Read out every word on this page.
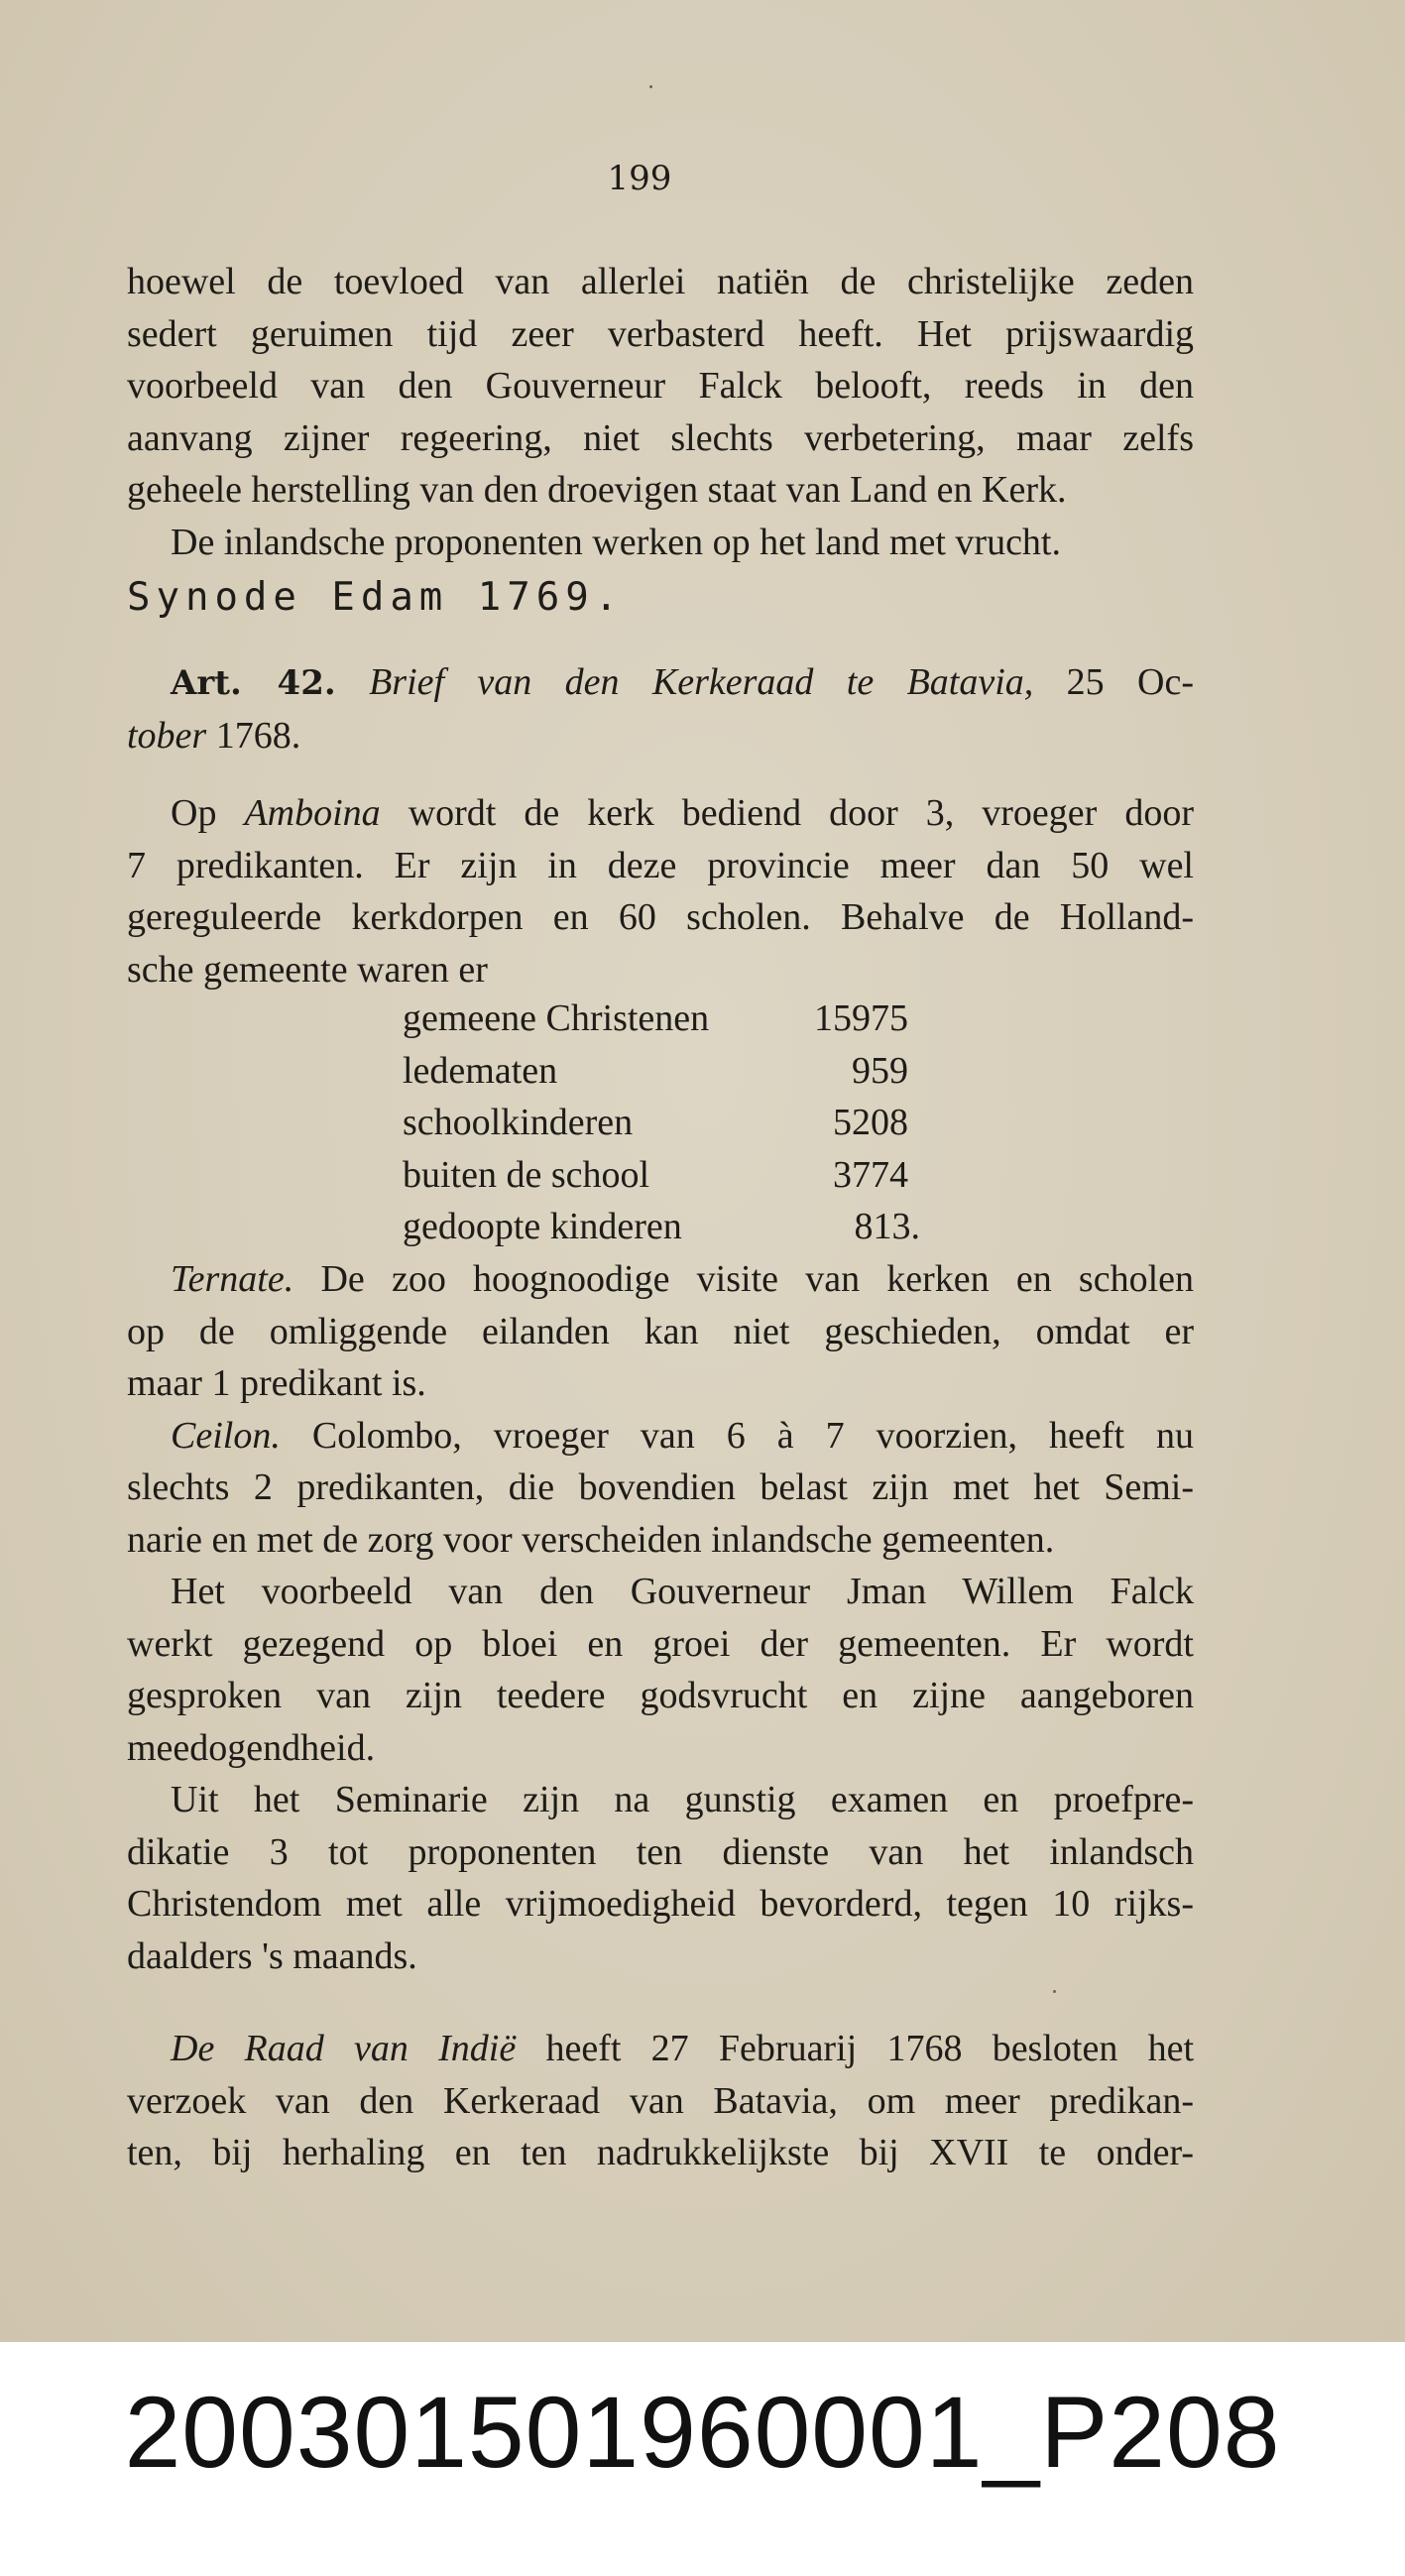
199
hoewel de toevloed van allerlei natiën de christelijke zeden
sedert geruimen tijd zeer verbasterd heeft. Het prijswaardig
voorbeeld van den Gouverneur Falck belooft, reeds in den
aanvang zijner regeering, niet slechts verbetering, maar zelfs
geheele herstelling van den droevigen staat van Land en Kerk.
De inlandsche proponenten werken op het land met vrucht.
Synode Edam 1769.
Art. 42. Brief van den Kerkeraad te Batavia, 25 Oc-
tober 1768.
Op Amboina wordt de kerk bediend door 3, vroeger door
7 predikanten. Er zijn in deze provincie meer dan 50 wel
gereguleerde kerkdorpen en 60 scholen. Behalve de Holland-
sche gemeente waren er
gemeene Christenen	15975
ledematen	959
schoolkinderen	5208
buiten de school	3774
gedoopte kinderen	813.
Ternate. De zoo hoognoodige visite van kerken en scholen
op de omliggende eilanden kan niet geschieden, omdat er
maar 1 predikant is.
Ceilon. Colombo, vroeger van 6 à 7 voorzien, heeft nu
slechts 2 predikanten, die bovendien belast zijn met het Semi-
narie en met de zorg voor verscheiden inlandsche gemeenten.
Het voorbeeld van den Gouverneur Jman Willem Falck
werkt gezegend op bloei en groei der gemeenten. Er wordt
gesproken van zijn teedere godsvrucht en zijne aangeboren
meedogendheid.
Uit het Seminarie zijn na gunstig examen en proefpre-
dikatie 3 tot proponenten ten dienste van het inlandsch
Christendom met alle vrijmoedigheid bevorderd, tegen 10 rijks-
daalders 's maands.
De Raad van Indië heeft 27 Februarij 1768 besloten het
verzoek van den Kerkeraad van Batavia, om meer predikan-
ten, bij herhaling en ten nadrukkelijkste bij XVII te onder-
20030150196000​1_P208
